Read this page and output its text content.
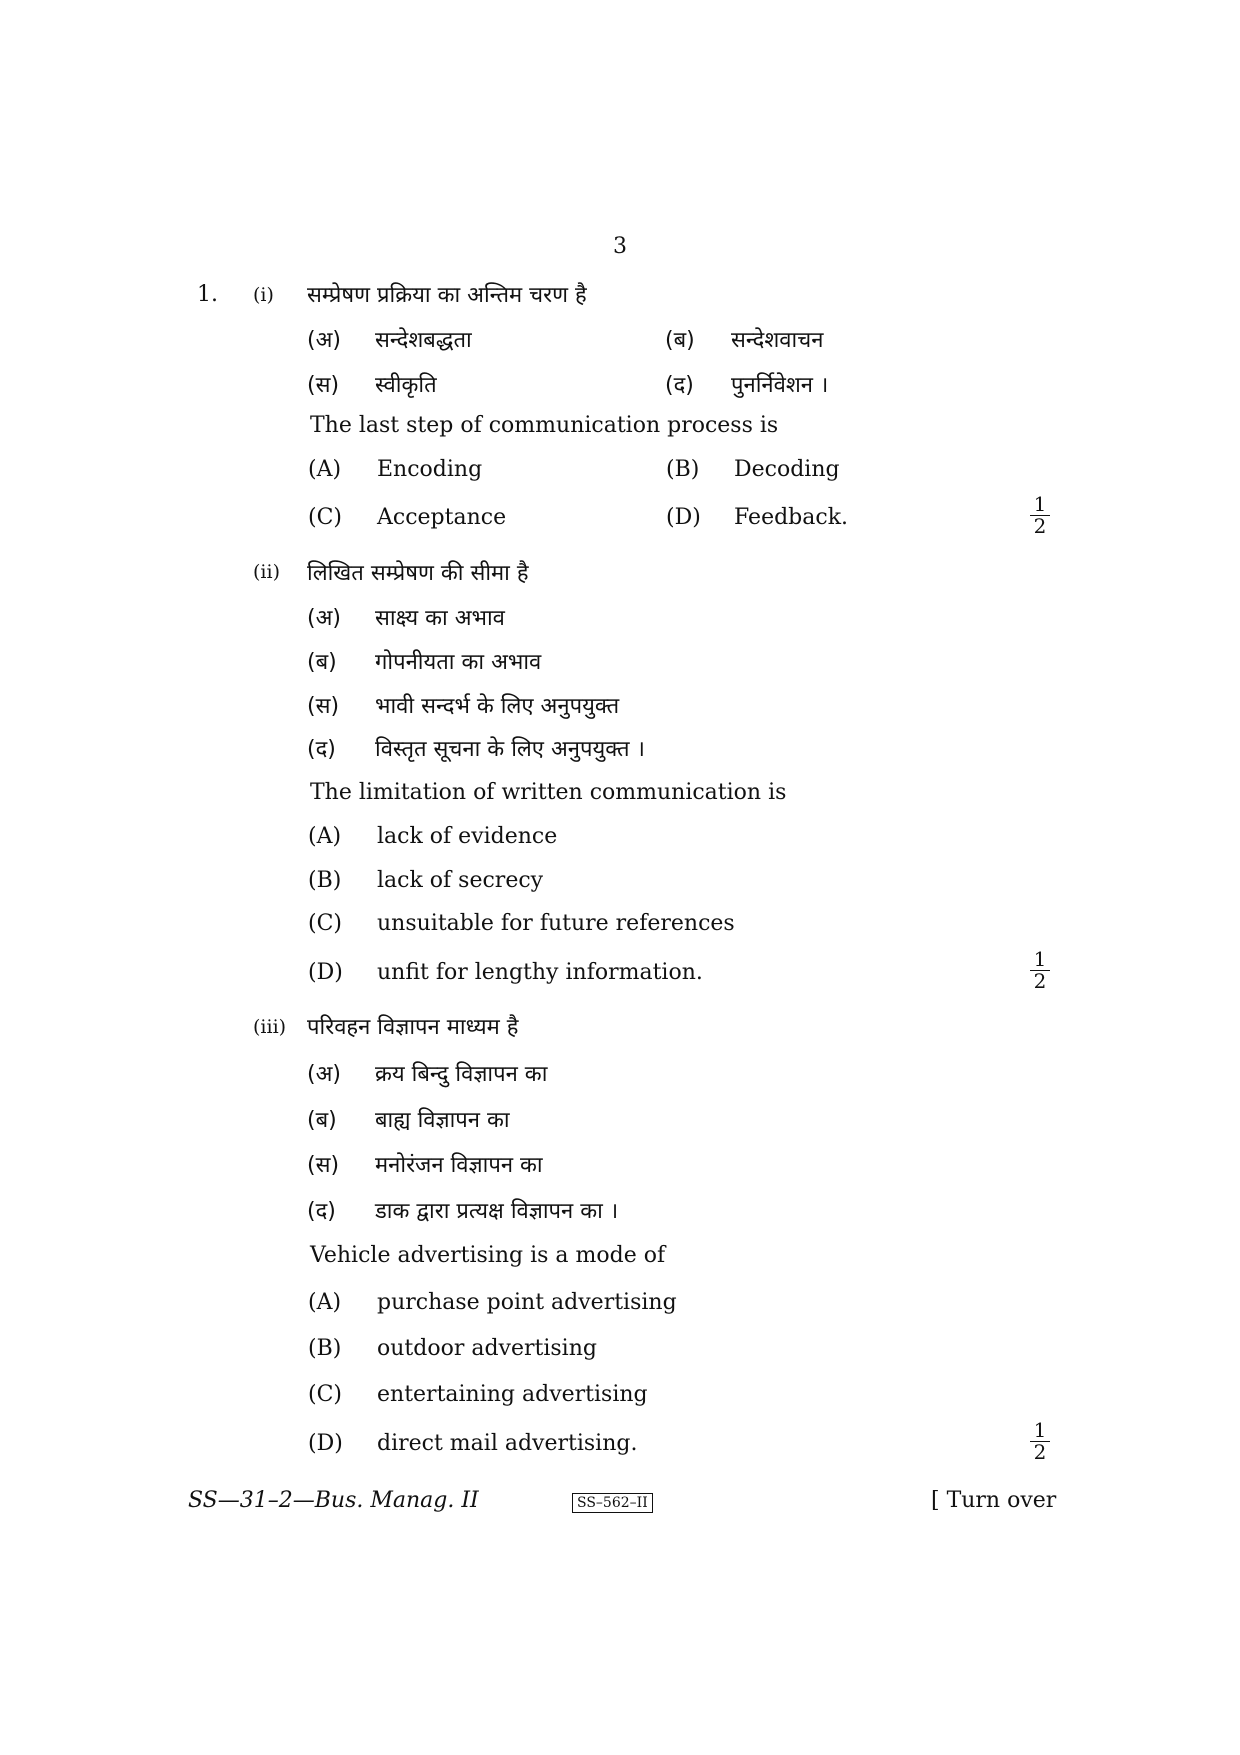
3
1. (i) सम्प्रेषण प्रक्रिया का अन्तिम चरण है
(अ) सन्देशबद्धता	(ब) सन्देशवाचन
(स) स्वीकृति	(द) पुनर्निवेशन ।
The last step of communication process is
(A) Encoding	(B) Decoding
(C) Acceptance	(D) Feedback.	$\frac{1}{2}$
(ii) लिखित सम्प्रेषण की सीमा है
(अ) साक्ष्य का अभाव
(ब) गोपनीयता का अभाव
(स) भावी सन्दर्भ के लिए अनुपयुक्त
(द) विस्तृत सूचना के लिए अनुपयुक्त ।
The limitation of written communication is
(A) lack of evidence
(B) lack of secrecy
(C) unsuitable for future references
(D) unfit for lengthy information.	$\frac{1}{2}$
(iii) परिवहन विज्ञापन माध्यम है
(अ) क्रय बिन्दु विज्ञापन का
(ब) बाह्य विज्ञापन का
(स) मनोरंजन विज्ञापन का
(द) डाक द्वारा प्रत्यक्ष विज्ञापन का ।
Vehicle advertising is a mode of
(A) purchase point advertising
(B) outdoor advertising
(C) entertaining advertising
(D) direct mail advertising.	$\frac{1}{2}$
SS—31–2—Bus. Manag. II	SS–562–II	[ Turn over
